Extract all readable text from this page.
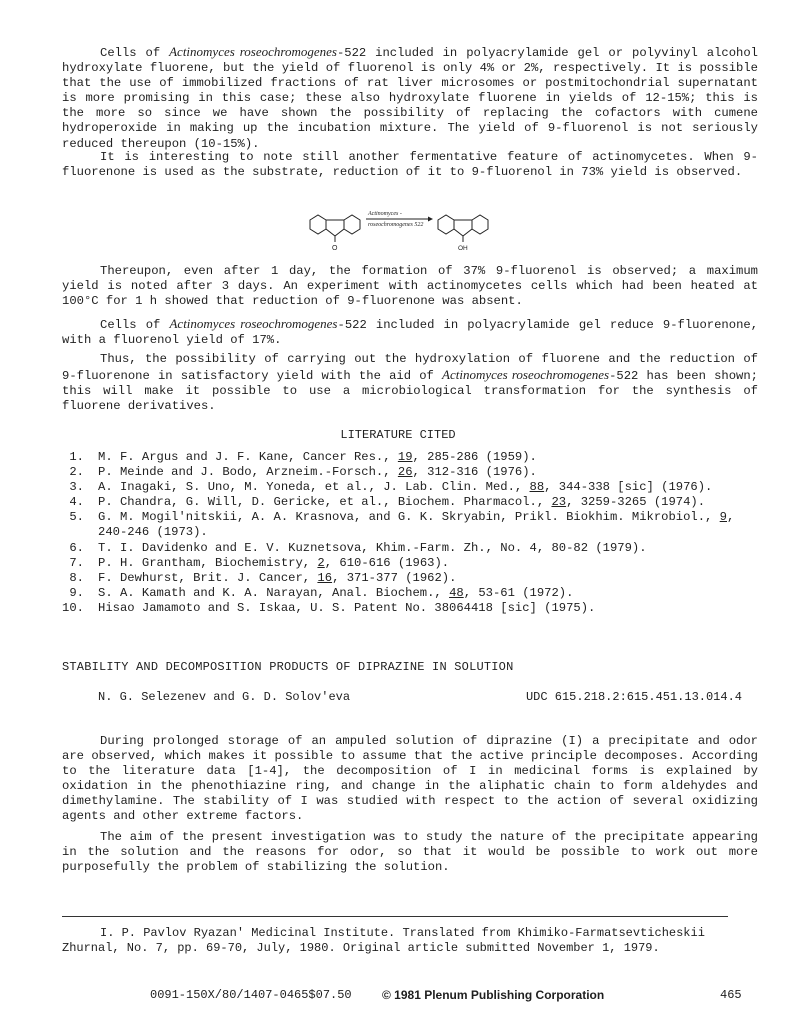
Cells of Actinomyces roseochromogenes-522 included in polyacrylamide gel or polyvinyl alcohol hydroxylate fluorene, but the yield of fluorenol is only 4% or 2%, respectively. It is possible that the use of immobilized fractions of rat liver microsomes or postmitochondrial supernatant is more promising in this case; these also hydroxylate fluorene in yields of 12-15%; this is the more so since we have shown the possibility of replacing the cofactors with cumene hydroperoxide in making up the incubation mixture. The yield of 9-fluorenol is not seriously reduced thereupon (10-15%).

It is interesting to note still another fermentative feature of actinomycetes. When 9-fluorenone is used as the substrate, reduction of it to 9-fluorenol in 73% yield is observed.

O
Actinomyces -
roseochromogenes 522
OH

Thereupon, even after 1 day, the formation of 37% 9-fluorenol is observed; a maximum yield is noted after 3 days. An experiment with actinomycetes cells which had been heated at 100°C for 1 h showed that reduction of 9-fluorenone was absent.

Cells of Actinomyces roseochromogenes-522 included in polyacrylamide gel reduce 9-fluorenone, with a fluorenol yield of 17%.

Thus, the possibility of carrying out the hydroxylation of fluorene and the reduction of 9-fluorenone in satisfactory yield with the aid of Actinomyces roseochromogenes-522 has been shown; this will make it possible to use a microbiological transformation for the synthesis of fluorene derivatives.

LITERATURE CITED
1. M. F. Argus and J. F. Kane, Cancer Res., 19, 285-286 (1959).
2. P. Meinde and J. Bodo, Arzneim.-Forsch., 26, 312-316 (1976).
3. A. Inagaki, S. Uno, M. Yoneda, et al., J. Lab. Clin. Med., 88, 344-338 [sic] (1976).
4. P. Chandra, G. Will, D. Gericke, et al., Biochem. Pharmacol., 23, 3259-3265 (1974).
5. G. M. Mogil'nitskii, A. A. Krasnova, and G. K. Skryabin, Prikl. Biokhim. Mikrobiol., 9, 240-246 (1973).
6. T. I. Davidenko and E. V. Kuznetsova, Khim.-Farm. Zh., No. 4, 80-82 (1979).
7. P. H. Grantham, Biochemistry, 2, 610-616 (1963).
8. F. Dewhurst, Brit. J. Cancer, 16, 371-377 (1962).
9. S. A. Kamath and K. A. Narayan, Anal. Biochem., 48, 53-61 (1972).
10. Hisao Jamamoto and S. Iskaa, U. S. Patent No. 38064418 [sic] (1975).
STABILITY AND DECOMPOSITION PRODUCTS OF DIPRAZINE IN SOLUTION
N. G. Selezenev and G. D. Solov'eva	UDC 615.218.2:615.451.13.014.4

During prolonged storage of an ampuled solution of diprazine (I) a precipitate and odor are observed, which makes it possible to assume that the active principle decomposes. According to the literature data [1-4], the decomposition of I in medicinal forms is explained by oxidation in the phenothiazine ring, and change in the aliphatic chain to form aldehydes and dimethylamine. The stability of I was studied with respect to the action of several oxidizing agents and other extreme factors.

The aim of the present investigation was to study the nature of the precipitate appearing in the solution and the reasons for odor, so that it would be possible to work out more purposefully the problem of stabilizing the solution.

I. P. Pavlov Ryazan' Medicinal Institute. Translated from Khimiko-Farmatsevticheskii Zhurnal, No. 7, pp. 69-70, July, 1980. Original article submitted November 1, 1979.
0091-150X/80/1407-0465$07.50	© 1981 Plenum Publishing Corporation	465
